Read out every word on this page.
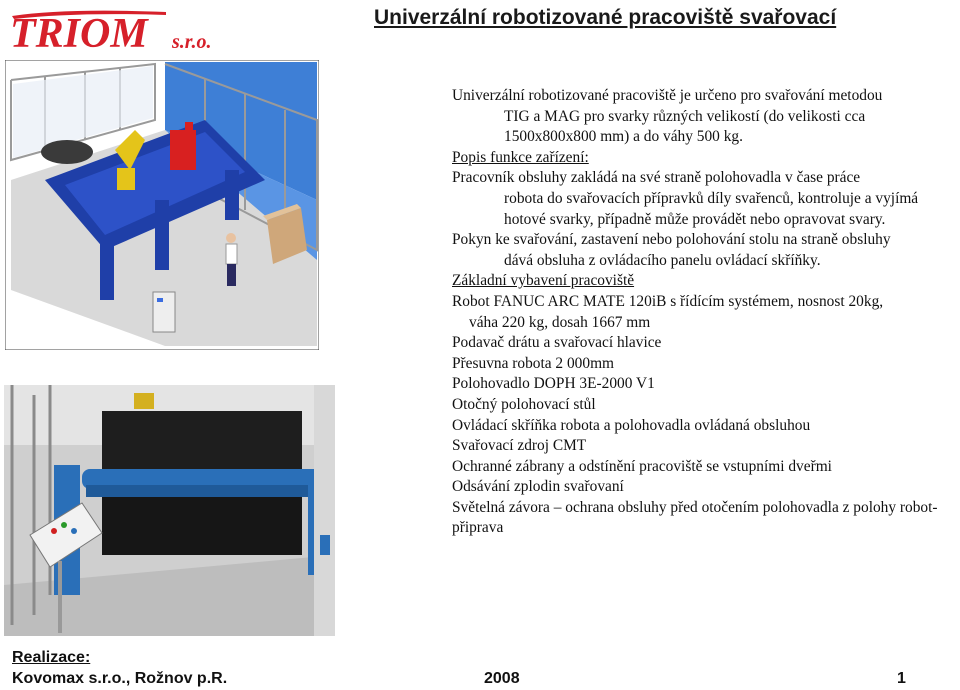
TRIOM s.r.o.
Univerzální robotizované pracoviště svařovací

Univerzální robotizované pracoviště je určeno pro svařování metodou
TIG a MAG pro svarky různých velikostí (do velikosti cca 1500x800x800 mm) a do váhy 500 kg.

Popis funkce zařízení:

Pracovník obsluhy zakládá na své straně polohovadla v čase práce
robota do svařovacích přípravků díly svařenců, kontroluje a vyjímá hotové svarky, případně může provádět nebo opravovat svary.

Pokyn ke svařování, zastavení nebo polohování stolu na straně obsluhy
dává obsluha z ovládacího panelu ovládací skříňky.

Základní vybavení pracoviště

Robot FANUC ARC MATE 120iB s řídícím systémem, nosnost 20kg,

váha 220 kg, dosah 1667 mm

Podavač drátu a svařovací hlavice

Přesuvna robota 2 000mm

Polohovadlo DOPH 3E-2000 V1

Otočný polohovací stůl

Ovládací skříňka robota a polohovadla ovládaná obsluhou

Svařovací zdroj CMT

Ochranné zábrany a odstínění pracoviště se vstupními dveřmi

Odsávání zplodin svařovaní

Světelná závora – ochrana obsluhy před otočením polohovadla z polohy robot-připrava

Realizace:
Kovomax s.r.o., Rožnov p.R.	2008	1
